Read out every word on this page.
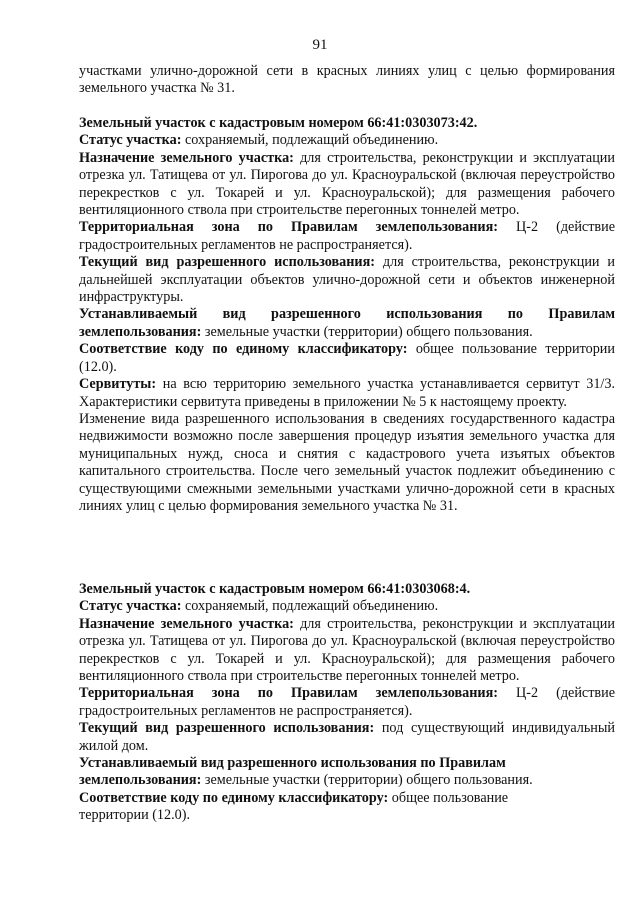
91

участками улично-дорожной сети в красных линиях улиц с целью формирования земельного участка № 31.

Земельный участок с кадастровым номером 66:41:0303073:42.

Статус участка: сохраняемый, подлежащий объединению.

Назначение земельного участка: для строительства, реконструкции и эксплуатации отрезка ул. Татищева от ул. Пирогова до ул. Красноуральской (включая переустройство перекрестков с ул. Токарей и ул. Красноуральской); для размещения рабочего вентиляционного ствола при строительстве перегонных тоннелей метро.

Территориальная зона по Правилам землепользования: Ц-2 (действие градостроительных регламентов не распространяется).

Текущий вид разрешенного использования: для строительства, реконструкции и дальнейшей эксплуатации объектов улично-дорожной сети и объектов инженерной инфраструктуры.

Устанавливаемый вид разрешенного использования по Правилам землепользования: земельные участки (территории) общего пользования.

Соответствие коду по единому классификатору: общее пользование территории (12.0).

Сервитуты: на всю территорию земельного участка устанавливается сервитут 31/3. Характеристики сервитута приведены в приложении № 5 к настоящему проекту.

Изменение вида разрешенного использования в сведениях государственного кадастра недвижимости возможно после завершения процедур изъятия земельного участка для муниципальных нужд, сноса и снятия с кадастрового учета изъятых объектов капитального строительства. После чего земельный участок подлежит объединению с существующими смежными земельными участками улично-дорожной сети в красных линиях улиц с целью формирования земельного участка № 31.

Земельный участок с кадастровым номером 66:41:0303068:4.

Статус участка: сохраняемый, подлежащий объединению.

Назначение земельного участка: для строительства, реконструкции и эксплуатации отрезка ул. Татищева от ул. Пирогова до ул. Красноуральской (включая переустройство перекрестков с ул. Токарей и ул. Красноуральской); для размещения рабочего вентиляционного ствола при строительстве перегонных тоннелей метро.

Территориальная зона по Правилам землепользования: Ц-2 (действие градостроительных регламентов не распространяется).

Текущий вид разрешенного использования: под существующий индивидуальный жилой дом.

Устанавливаемый вид разрешенного использования по Правилам

землепользования: земельные участки (территории) общего пользования.

Соответствие коду по единому классификатору: общее пользование

территории (12.0).
